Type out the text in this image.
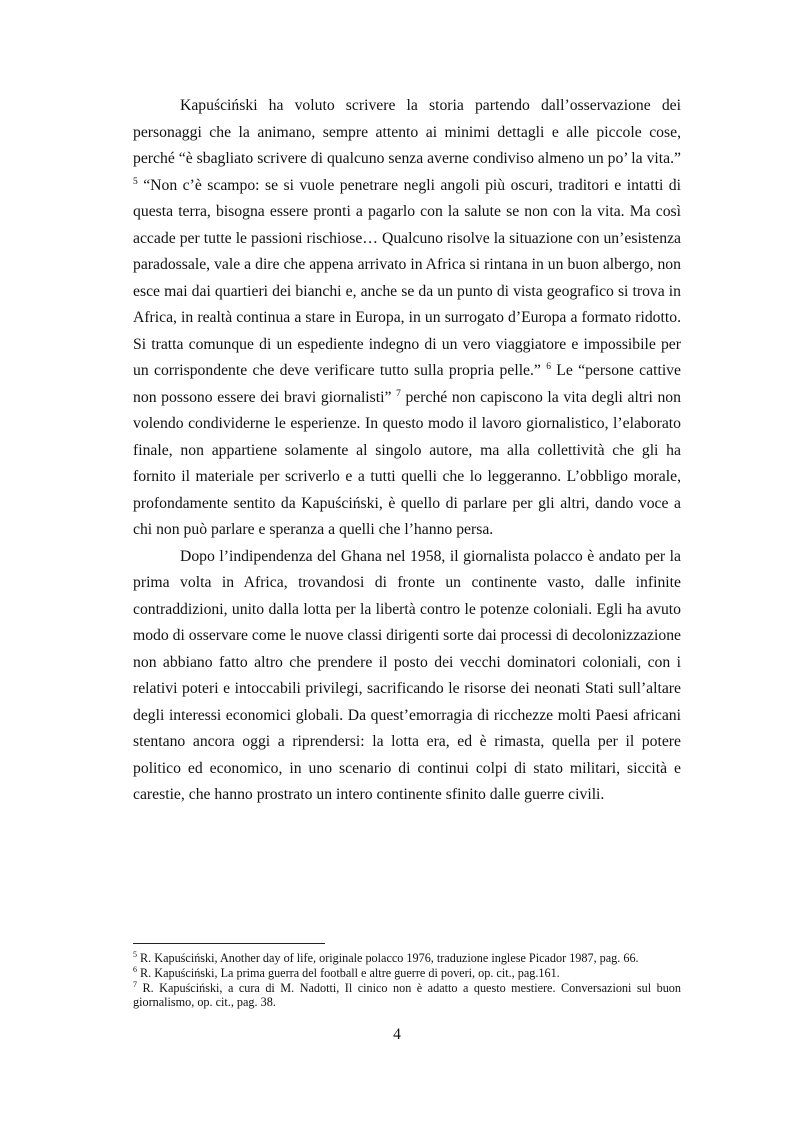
Kapuściński ha voluto scrivere la storia partendo dall’osservazione dei personaggi che la animano, sempre attento ai minimi dettagli e alle piccole cose, perché “è sbagliato scrivere di qualcuno senza averne condiviso almeno un po’ la vita.” $^5$ “Non c’è scampo: se si vuole penetrare negli angoli più oscuri, traditori e intatti di questa terra, bisogna essere pronti a pagarlo con la salute se non con la vita. Ma così accade per tutte le passioni rischiose… Qualcuno risolve la situazione con un’esistenza paradossale, vale a dire che appena arrivato in Africa si rintana in un buon albergo, non esce mai dai quartieri dei bianchi e, anche se da un punto di vista geografico si trova in Africa, in realtà continua a stare in Europa, in un surrogato d’Europa a formato ridotto. Si tratta comunque di un espediente indegno di un vero viaggiatore e impossibile per un corrispondente che deve verificare tutto sulla propria pelle.” $^6$ Le “persone cattive non possono essere dei bravi giornalisti” $^7$ perché non capiscono la vita degli altri non volendo condividerne le esperienze. In questo modo il lavoro giornalistico, l’elaborato finale, non appartiene solamente al singolo autore, ma alla collettività che gli ha fornito il materiale per scriverlo e a tutti quelli che lo leggeranno. L’obbligo morale, profondamente sentito da Kapuściński, è quello di parlare per gli altri, dando voce a chi non può parlare e speranza a quelli che l’hanno persa.

Dopo l’indipendenza del Ghana nel 1958, il giornalista polacco è andato per la prima volta in Africa, trovandosi di fronte un continente vasto, dalle infinite contraddizioni, unito dalla lotta per la libertà contro le potenze coloniali. Egli ha avuto modo di osservare come le nuove classi dirigenti sorte dai processi di decolonizzazione non abbiano fatto altro che prendere il posto dei vecchi dominatori coloniali, con i relativi poteri e intoccabili privilegi, sacrificando le risorse dei neonati Stati sull’altare degli interessi economici globali. Da quest’emorragia di ricchezze molti Paesi africani stentano ancora oggi a riprendersi: la lotta era, ed è rimasta, quella per il potere politico ed economico, in uno scenario di continui colpi di stato militari, siccità e carestie, che hanno prostrato un intero continente sfinito dalle guerre civili.

$^5$ R. Kapuściński, Another day of life, originale polacco 1976, traduzione inglese Picador 1987, pag. 66.

$^6$ R. Kapuściński, La prima guerra del football e altre guerre di poveri, op. cit., pag.161.

$^7$ R. Kapuściński, a cura di M. Nadotti, Il cinico non è adatto a questo mestiere. Conversazioni sul buon giornalismo, op. cit., pag. 38.

4
